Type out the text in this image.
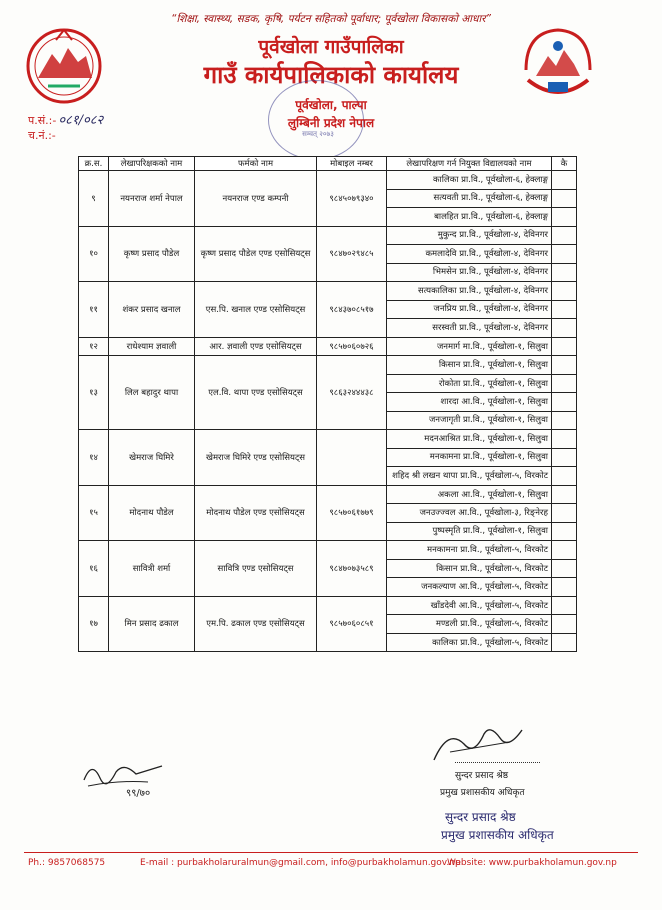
“शिक्षा, स्वास्थ्य, सडक, कृषि, पर्यटन सहितको पूर्वाधार; पूर्वखोला विकासको आधार”
पूर्वखोला गाउँपालिका
गाउँ कार्यपालिकाको कार्यालय
सम्वत् २०७३
पूर्वखोला, पाल्पा
लुम्बिनी प्रदेश नेपाल
प.सं.:- ०८१/०८२
च.नं.:-
क्र.स.	लेखापरिक्षकको नाम	फर्मको नाम	मोबाइल नम्बर	लेखापरिक्षण गर्न नियुक्त विद्यालयको नाम	कै
९	नयनराज शर्मा नेपाल	नयनराज एण्ड कम्पनी	९८४५०७९३४०	कालिका प्रा.वि., पूर्वखोला-६, हेक्लाङ्ग	
				सत्यवती प्रा.वि., पूर्वखोला-६, हेक्लाङ्ग	
				बालहित प्रा.वि., पूर्वखोला-६, हेक्लाङ्ग	
१०	कृष्ण प्रसाद पौडेल	कृष्ण प्रसाद पौडेल एण्ड एसोसियट्स	९८४७०२९४८५	मुकुन्द प्रा.वि., पूर्वखोला-४, देविनगर	
				कमलादेवि प्रा.वि., पूर्वखोला-४, देविनगर	
				भिमसेन प्रा.वि., पूर्वखोला-४, देविनगर	
११	शंकर प्रसाद खनाल	एस.पि. खनाल एण्ड एसोसियट्स	९८४३७०८५१७	सत्यकालिका प्रा.वि., पूर्वखोला-४, देविनगर	
				जनप्रिय प्रा.वि., पूर्वखोला-४, देविनगर	
				सरस्वती प्रा.वि., पूर्वखोला-४, देविनगर	
१२	राधेश्याम ज्ञवाली	आर. ज्ञवाली एण्ड एसोसियट्स	९८५७०६०७२६	जनमार्ग मा.वि., पूर्वखोला-१, सिलुवा	
१३	लिल बहादुर थापा	एल.वि. थापा एण्ड एसोसियट्स	९८६३२४४४३८	किसान प्रा.वि., पूर्वखोला-१, सिलुवा	
				रोकोता प्रा.वि., पूर्वखोला-१, सिलुवा	
				शारदा आ.वि., पूर्वखोला-१, सिलुवा	
				जनजागृती प्रा.वि., पूर्वखोला-१, सिलुवा	
१४	खेमराज घिमिरे	खेमराज घिमिरे एण्ड एसोसियट्स		मदनआश्रित प्रा.वि., पूर्वखोला-१, सिलुवा	
				मनकामना प्रा.वि., पूर्वखोला-१, सिलुवा	
				शहिद श्री लखन थापा प्रा.वि., पूर्वखोला-५, विरकोट	
१५	मोदनाथ पौडेल	मोदनाथ पौडेल एण्ड एसोसियट्स	९८५७०६१७७९	अकला आ.वि., पूर्वखोला-१, सिलुवा	
				जनउज्ज्वल आ.वि., पूर्वखोला-३, रिङ्नेरह	
				पुष्पस्मृति प्रा.वि., पूर्वखोला-१, सिलुवा	
१६	सावित्री शर्मा	सावित्रि एण्ड एसोसियट्स	९८४७०७३५८९	मनकामना प्रा.वि., पूर्वखोला-५, विरकोट	
				किसान प्रा.वि., पूर्वखोला-५, विरकोट	
				जनकल्याण आ.वि., पूर्वखोला-५, विरकोट	
१७	मिन प्रसाद ढकाल	एम.पि. ढकाल एण्ड एसोसियट्स	९८५७०६०८५१	खाँडदेवी आ.वि., पूर्वखोला-५, विरकोट	
				मण्डली प्रा.वि., पूर्वखोला-५, विरकोट	
				कालिका प्रा.वि., पूर्वखोला-५, विरकोट	
सुन्दर प्रसाद श्रेष्ठ
प्रमुख प्रशासकीय अधिकृत
सुन्दर प्रसाद श्रेष्ठ
प्रमुख प्रशासकीय अधिकृत
९९/७०
Ph.: 9857068575	E-mail : purbakholaruralmun@gmail.com, info@purbakholamun.gov.np
Website: www.purbakholamun.gov.np
